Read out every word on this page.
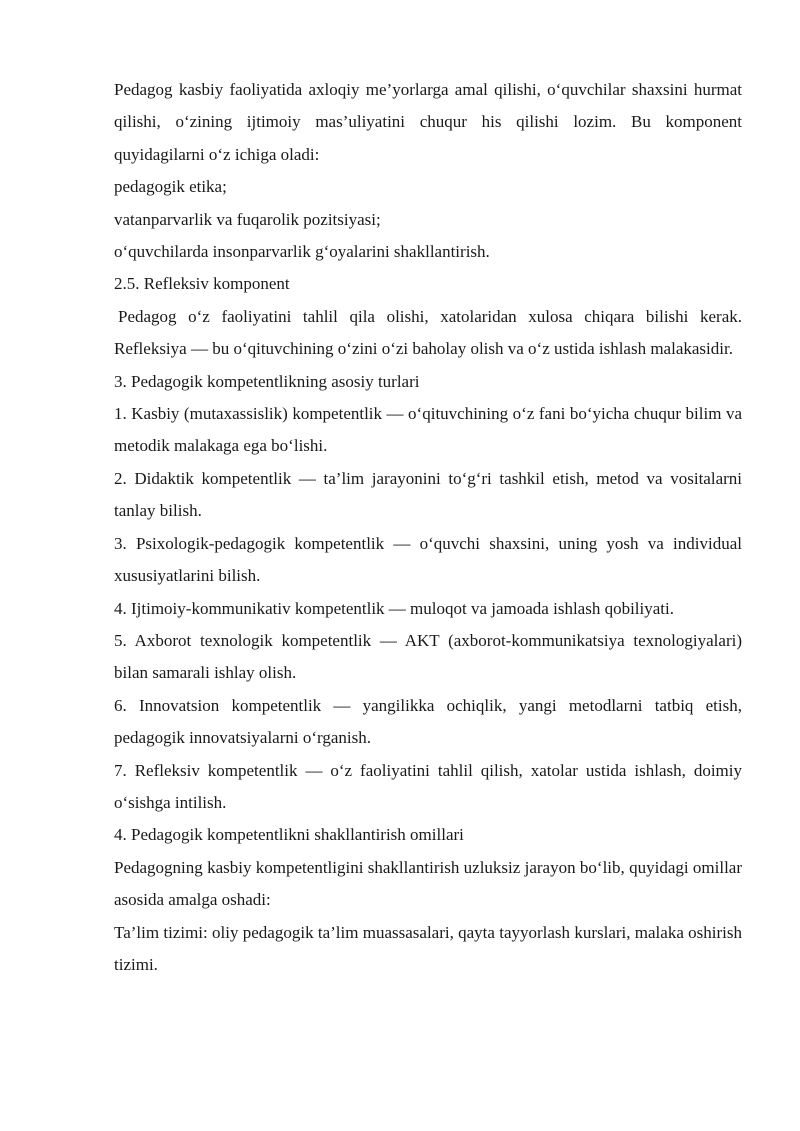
Pedagog kasbiy faoliyatida axloqiy me’yorlarga amal qilishi, o‘quvchilar shaxsini hurmat qilishi, o‘zining ijtimoiy mas’uliyatini chuqur his qilishi lozim. Bu komponent quyidagilarni o‘z ichiga oladi:

pedagogik etika;

vatanparvarlik va fuqarolik pozitsiyasi;

o‘quvchilarda insonparvarlik g‘oyalarini shakllantirish.

2.5. Refleksiv komponent

Pedagog o‘z faoliyatini tahlil qila olishi, xatolaridan xulosa chiqara bilishi kerak. Refleksiya — bu o‘qituvchining o‘zini o‘zi baholay olish va o‘z ustida ishlash malakasidir.

3. Pedagogik kompetentlikning asosiy turlari

1. Kasbiy (mutaxassislik) kompetentlik — o‘qituvchining o‘z fani bo‘yicha chuqur bilim va metodik malakaga ega bo‘lishi.

2. Didaktik kompetentlik — ta’lim jarayonini to‘g‘ri tashkil etish, metod va vositalarni tanlay bilish.

3. Psixologik-pedagogik kompetentlik — o‘quvchi shaxsini, uning yosh va individual xususiyatlarini bilish.

4. Ijtimoiy-kommunikativ kompetentlik — muloqot va jamoada ishlash qobiliyati.

5. Axborot texnologik kompetentlik — AKT (axborot-kommunikatsiya texnologiyalari) bilan samarali ishlay olish.

6. Innovatsion kompetentlik — yangilikka ochiqlik, yangi metodlarni tatbiq etish, pedagogik innovatsiyalarni o‘rganish.

7. Refleksiv kompetentlik — o‘z faoliyatini tahlil qilish, xatolar ustida ishlash, doimiy o‘sishga intilish.

4. Pedagogik kompetentlikni shakllantirish omillari

Pedagogning kasbiy kompetentligini shakllantirish uzluksiz jarayon bo‘lib, quyidagi omillar asosida amalga oshadi:

Ta’lim tizimi: oliy pedagogik ta’lim muassasalari, qayta tayyorlash kurslari, malaka oshirish tizimi.
